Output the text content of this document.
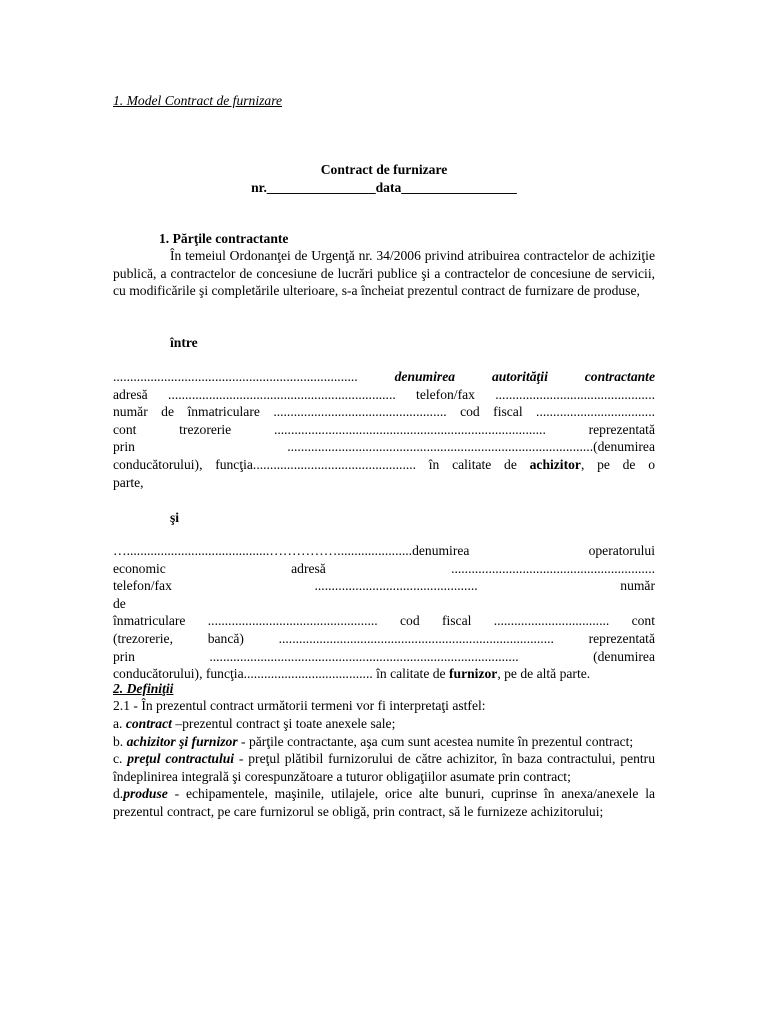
1. Model Contract de furnizare

Contract de furnizare

nr.________________data_________________

1. Părţile contractante

În temeiul Ordonanţei de Urgenţă nr. 34/2006 privind atribuirea contractelor de achiziţie publică, a contractelor de concesiune de lucrări publice şi a contractelor de concesiune de servicii, cu modificările şi completările ulterioare, s-a încheiat prezentul contract de furnizare de produse,

între

........................................................................	denumirea autorităţii contractante

adresă ................................................................... telefon/fax ...............................................

număr de înmatriculare ................................................... cod fiscal ...................................

cont trezorerie ................................................................................ reprezentată

prin ..........................................................................................(denumirea

conducătorului), funcţia................................................ în calitate de achizitor, pe de o

parte,

şi

…..........................................……………......................denumirea operatorului

economic adresă ............................................................

telefon/fax ................................................ număr de

înmatriculare .................................................. cod fiscal .................................. cont

(trezorerie, bancă) ................................................................................. reprezentată

prin ........................................................................................... (denumirea

conducătorului), funcţia...................................... în calitate de furnizor, pe de altă parte.

2. Definiţii

2.1 - În prezentul contract următorii termeni vor fi interpretaţi astfel:

a. contract –prezentul contract şi toate anexele sale;

b. achizitor şi furnizor - părţile contractante, aşa cum sunt acestea numite în prezentul contract;

c. preţul contractului - preţul plătibil furnizorului de către achizitor, în baza contractului, pentru îndeplinirea integrală şi corespunzătoare a tuturor obligaţiilor asumate prin contract;

d.produse - echipamentele, maşinile, utilajele, orice alte bunuri, cuprinse în anexa/anexele la prezentul contract, pe care furnizorul se obligă, prin contract, să le furnizeze achizitorului;
